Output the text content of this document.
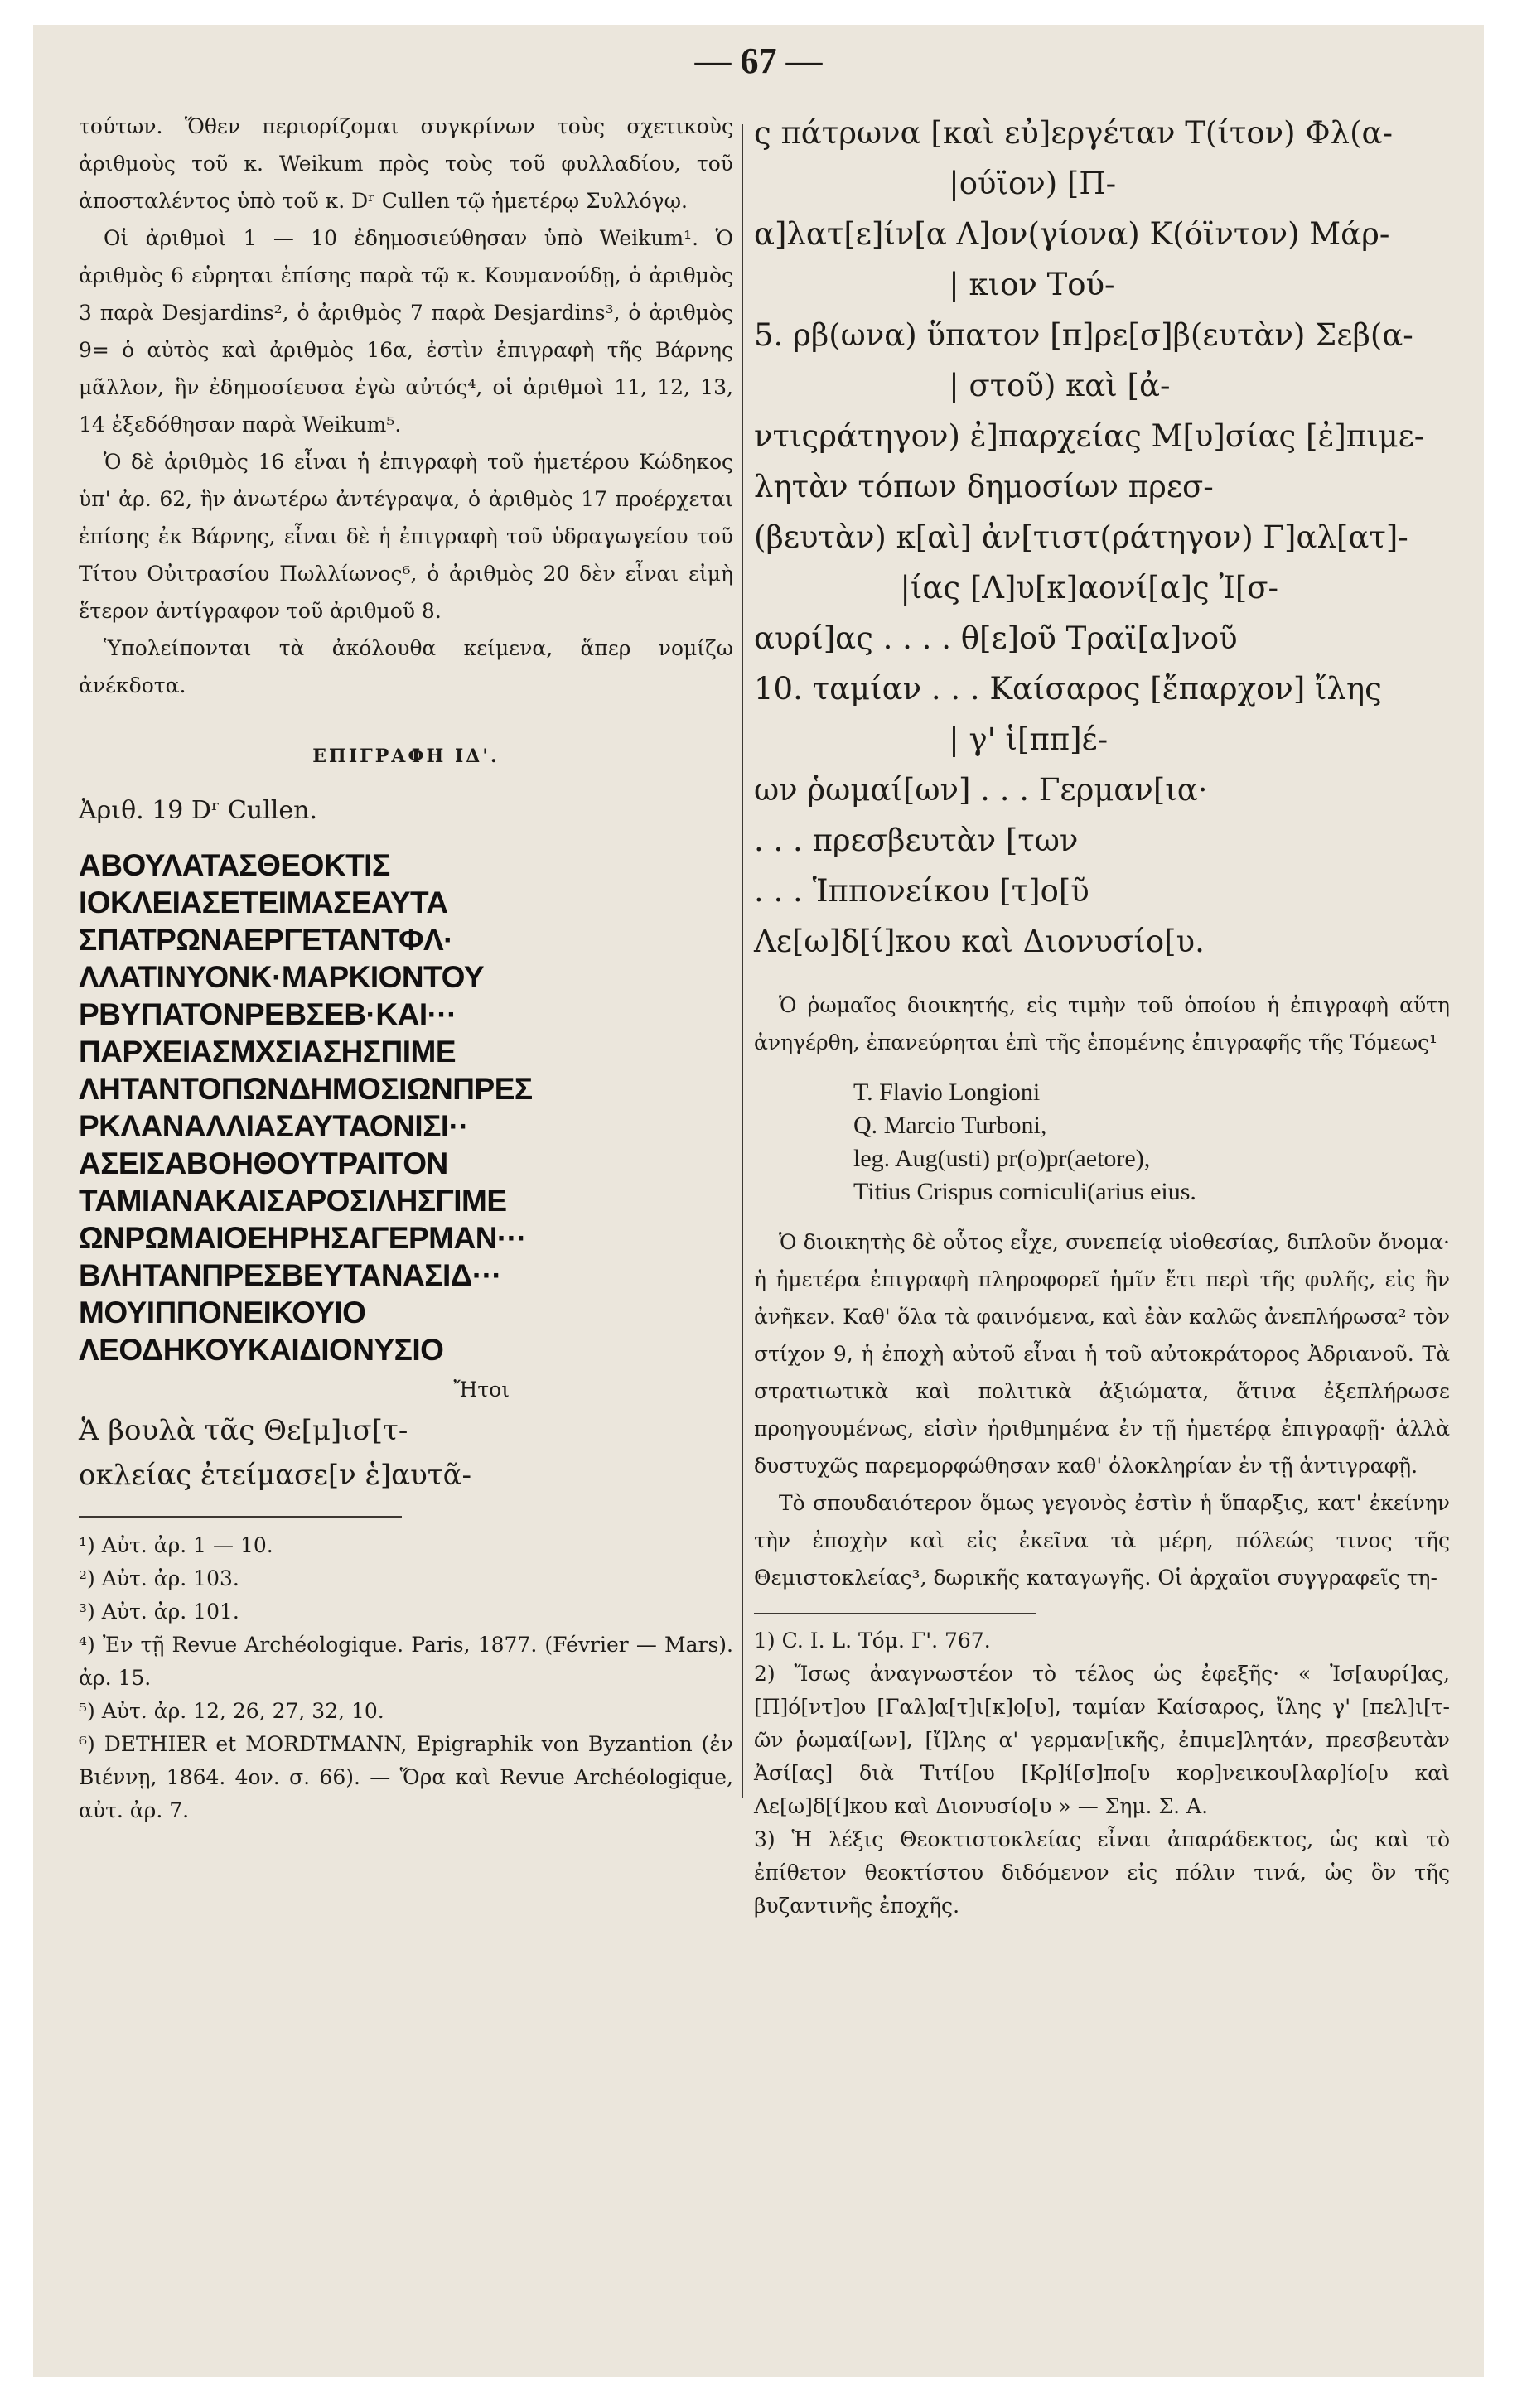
— 67 —

τούτων. Ὅθεν περιορίζομαι συγκρίνων τοὺς σχετικοὺς ἀριθμοὺς τοῦ κ. Weikum πρὸς τοὺς τοῦ φυλλαδίου, τοῦ ἀποσταλέντος ὑπὸ τοῦ κ. Dʳ Cullen τῷ ἡμετέρῳ Συλλόγῳ.

Οἱ ἀριθμοὶ 1 — 10 ἐδημοσιεύθησαν ὑπὸ Weikum¹. Ὁ ἀριθμὸς 6 εὑρηται ἐπίσης παρὰ τῷ κ. Κουμανούδῃ, ὁ ἀριθμὸς 3 παρὰ Desjardins², ὁ ἀριθμὸς 7 παρὰ Desjardins³, ὁ ἀριθμὸς 9= ὁ αὐτὸς καὶ ἀριθμὸς 16α, ἐστὶν ἐπιγραφὴ τῆς Βάρνης μᾶλλον, ἣν ἐδημοσίευσα ἐγὼ αὐτός⁴, οἱ ἀριθμοὶ 11, 12, 13, 14 ἐξεδόθησαν παρὰ Weikum⁵.

Ὁ δὲ ἀριθμὸς 16 εἶναι ἡ ἐπιγραφὴ τοῦ ἡμετέρου Κώδηκος ὑπ' ἀρ. 62, ἣν ἀνωτέρω ἀντέγραψα, ὁ ἀριθμὸς 17 προέρχεται ἐπίσης ἐκ Βάρνης, εἶναι δὲ ἡ ἐπιγραφὴ τοῦ ὑδραγωγείου τοῦ Τίτου Οὐιτρασίου Πωλλίωνος⁶, ὁ ἀριθμὸς 20 δὲν εἶναι εἰμὴ ἕτερον ἀντίγραφον τοῦ ἀριθμοῦ 8.

Ὑπολείπονται τὰ ἀκόλουθα κείμενα, ἅπερ νομίζω ἀνέκδοτα.

ΕΠΙΓΡΑΦΗ ΙΔ'.
Ἀριθ. 19 Dʳ Cullen.
ΑΒΟΥΛΑΤΑΣΘΕΟΚΤΙΣ
ΙΟΚΛΕΙΑΣΕΤΕΙΜΑΣΕΑΥΤΑ
ΣΠΑΤΡΩΝΑΕΡΓΕΤΑΝΤΦΛ·
ΛΛΑΤΙΝΥΟΝΚ·ΜΑΡΚΙΟΝΤΟΥ
ΡΒΥΠΑΤΟΝΡΕΒΣΕΒ·ΚΑΙ···
ΠΑΡΧΕΙΑΣΜΧΣΙΑΣΗΣΠΙΜΕ
ΛΗΤΑΝΤΟΠΩΝΔΗΜΟΣΙΩΝΠΡΕΣ
ΡΚΛΑΝΑΛΛΙΑΣΑΥΤΑΟΝΙΣΙ··
ΑΣΕΙΣΑΒΟΗΘΟΥΤΡΑΙΤΟΝ
ΤΑΜΙΑΝΑΚΑΙΣΑΡΟΣΙΛΗΣΓΙΜΕ
ΩΝΡΩΜΑΙΟΕΗΡΗΣΑΓΕΡΜΑΝ···
ΒΛΗΤΑΝΠΡΕΣΒΕΥΤΑΝΑΣΙΔ···
ΜΟΥΙΠΠΟΝΕΙΚΟΥΙΟ
ΛΕΟΔΗΚΟΥΚΑΙΔΙΟΝΥΣΙΟ
Ἤτοι
Ἁ βουλὰ τᾶς Θε[μ]ισ[τ-
οκλείας ἐτείμασε[ν ἑ]αυτᾶ-
¹) Αὐτ. ἀρ. 1 — 10.
²) Αὐτ. ἀρ. 103.
³) Αὐτ. ἀρ. 101.
⁴) Ἐν τῇ Revue Archéologique. Paris, 1877. (Février — Mars). ἀρ. 15.
⁵) Αὐτ. ἀρ. 12, 26, 27, 32, 10.
⁶) DETHIER et MORDTMANN, Epigraphik von Byzantion (ἐν Βιέννῃ, 1864. 4ον. σ. 66). — Ὅρα καὶ Revue Archéologique, αὐτ. ἀρ. 7.
ς πάτρωνα [καὶ εὐ]εργέταν Τ(ίτον) Φλ(α-
|ούϊον) [Π-
α]λατ[ε]ίν[α Λ]ον(γίονα) Κ(όϊντον) Μάρ-
| κιον Τού-
5. ρβ(ωνα) ὕπατον [π]ρε[σ]β(ευτὰν) Σεβ(α-
| στοῦ) καὶ [ἀ-
ντιςράτηγον) ἐ]παρχείας Μ[υ]σίας [ἐ]πιμε-
λητὰν τόπων δημοσίων πρεσ-
(βευτὰν) κ[αὶ] ἀν[τιστ(ράτηγον) Γ]αλ[ατ]-
|ίας [Λ]υ[κ]αονί[α]ς Ἰ[σ-
αυρί]ας . . . . θ[ε]οῦ Τραϊ[α]νοῦ
10. ταμίαν . . . Καίσαρος [ἔπαρχον] ἴλης
| γ' ἱ[ππ]έ-
ων ῥωμαί[ων] . . . Γερμαν[ια·
. . . πρεσβευτὰν [των
. . . Ἱππονείκου [τ]ο[ῦ
Λε[ω]δ[ί]κου καὶ Διονυσίο[υ.

Ὁ ῥωμαῖος διοικητής, εἰς τιμὴν τοῦ ὁποίου ἡ ἐπιγραφὴ αὕτη ἀνηγέρθη, ἐπανεύρηται ἐπὶ τῆς ἑπομένης ἐπιγραφῆς τῆς Τόμεως¹

T. Flavio Longioni
Q. Marcio Turboni,
leg. Aug(usti) pr(o)pr(aetore),
Titius Crispus corniculi(arius eius.

Ὁ διοικητὴς δὲ οὗτος εἶχε, συνεπείᾳ υἱοθεσίας, διπλοῦν ὄνομα· ἡ ἡμετέρα ἐπιγραφὴ πληροφορεῖ ἡμῖν ἔτι περὶ τῆς φυλῆς, εἰς ἣν ἀνῆκεν. Καθ' ὅλα τὰ φαινόμενα, καὶ ἐὰν καλῶς ἀνεπλήρωσα² τὸν στίχον 9, ἡ ἐποχὴ αὐτοῦ εἶναι ἡ τοῦ αὐτοκράτορος Ἀδριανοῦ. Τὰ στρατιωτικὰ καὶ πολιτικὰ ἀξιώματα, ἅτινα ἐξεπλήρωσε προηγουμένως, εἰσὶν ἠριθμημένα ἐν τῇ ἡμετέρᾳ ἐπιγραφῇ· ἀλλὰ δυστυχῶς παρεμορφώθησαν καθ' ὁλοκληρίαν ἐν τῇ ἀντιγραφῇ.

Τὸ σπουδαιότερον ὅμως γεγονὸς ἐστὶν ἡ ὕπαρξις, κατ' ἐκείνην τὴν ἐποχὴν καὶ εἰς ἐκεῖνα τὰ μέρη, πόλεώς τινος τῆς Θεμιστοκλείας³, δωρικῆς καταγωγῆς. Οἱ ἀρχαῖοι συγγραφεῖς τη-

1) C. I. L. Τόμ. Γ'. 767.
2) Ἴσως ἀναγνωστέον τὸ τέλος ὡς ἐφεξῆς· « Ἰσ[αυρί]ας, [Π]ό[ντ]ου [Γαλ]α[τ]ι[κ]ο[υ], ταμίαν Καίσαρος, ἴλης γ' [πελ]ι[τ-ῶν ῥωμαί[ων], [ἴ]λης α' γερμαν[ικῆς, ἐπιμε]λητάν, πρεσβευτὰν Ἀσί[ας] διὰ Τιτί[ου [Κρ]ί[σ]πο[υ κορ]νεικου[λαρ]ίο[υ καὶ Λε[ω]δ[ί]κου καὶ Διονυσίο[υ » — Σημ. Σ. Α.
3) Ἡ λέξις Θεοκτιστοκλείας εἶναι ἀπαράδεκτος, ὡς καὶ τὸ ἐπίθετον θεοκτίστου διδόμενον εἰς πόλιν τινά, ὡς ὃν τῆς βυζαντινῆς ἐποχῆς.
